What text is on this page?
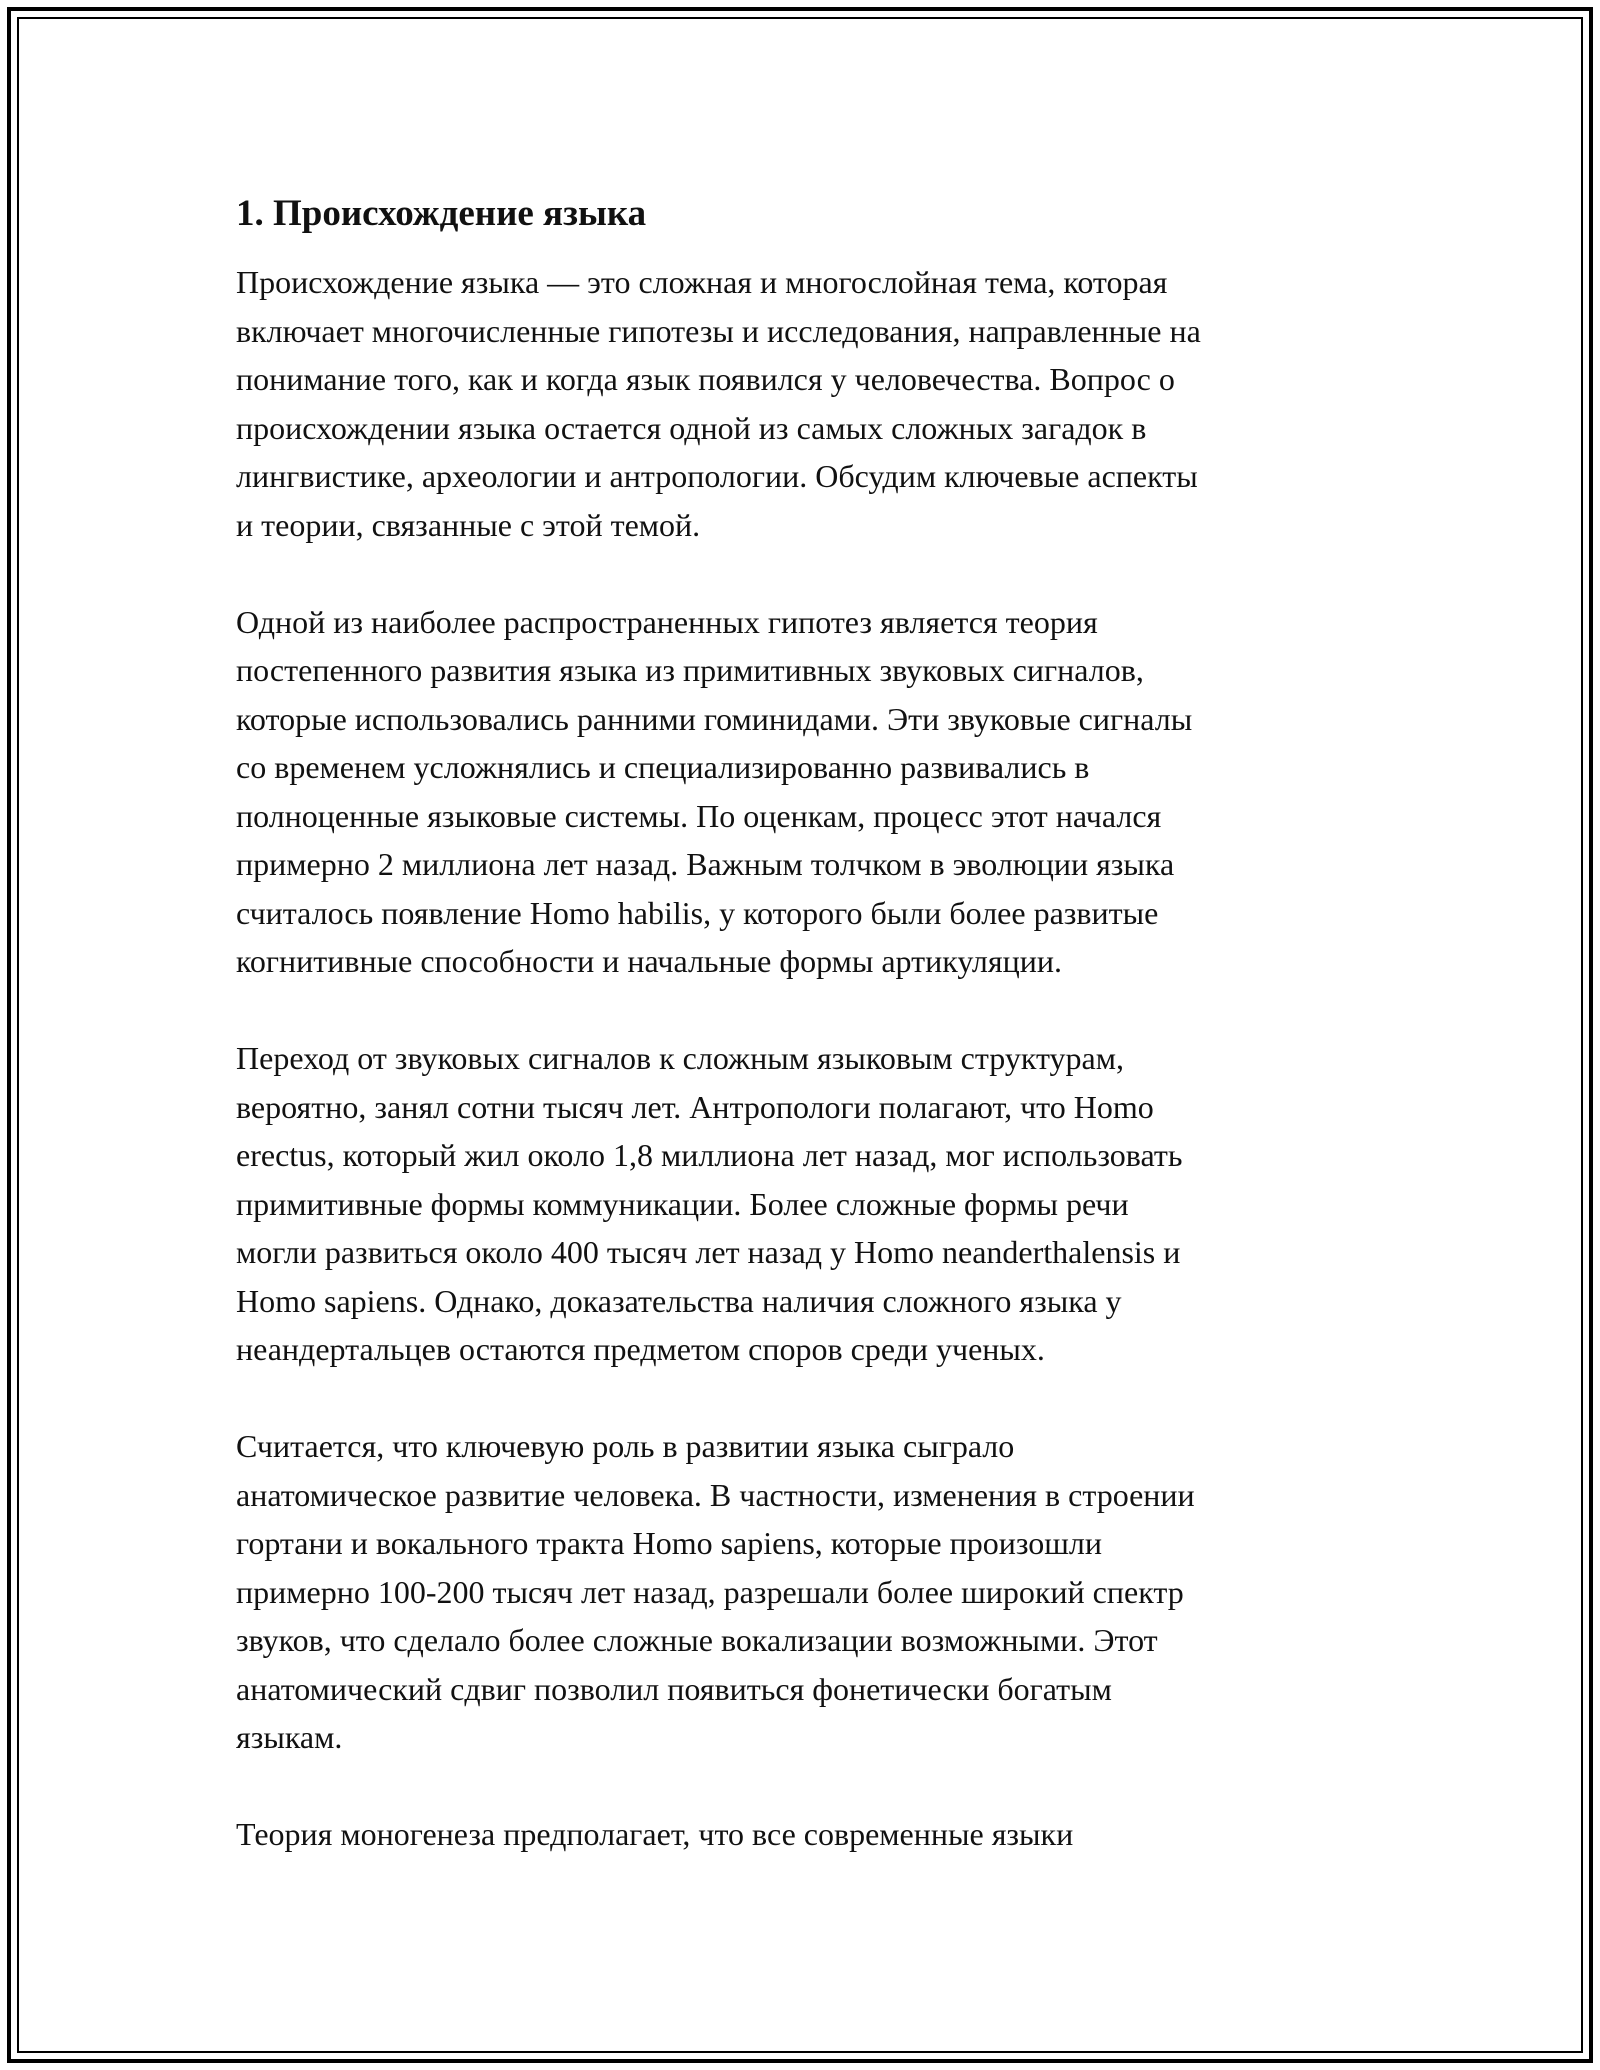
1. Происхождение языка

Происхождение языка — это сложная и многослойная тема, которая
включает многочисленные гипотезы и исследования, направленные на
понимание того, как и когда язык появился у человечества. Вопрос о
происхождении языка остается одной из самых сложных загадок в
лингвистике, археологии и антропологии. Обсудим ключевые аспекты
и теории, связанные с этой темой.

Одной из наиболее распространенных гипотез является теория
постепенного развития языка из примитивных звуковых сигналов,
которые использовались ранними гоминидами. Эти звуковые сигналы
со временем усложнялись и специализированно развивались в
полноценные языковые системы. По оценкам, процесс этот начался
примерно 2 миллиона лет назад. Важным толчком в эволюции языка
считалось появление Homo habilis, у которого были более развитые
когнитивные способности и начальные формы артикуляции.

Переход от звуковых сигналов к сложным языковым структурам,
вероятно, занял сотни тысяч лет. Антропологи полагают, что Homo
erectus, который жил около 1,8 миллиона лет назад, мог использовать
примитивные формы коммуникации. Более сложные формы речи
могли развиться около 400 тысяч лет назад у Homo neanderthalensis и
Homo sapiens. Однако, доказательства наличия сложного языка у
неандертальцев остаются предметом споров среди ученых.

Считается, что ключевую роль в развитии языка сыграло
анатомическое развитие человека. В частности, изменения в строении
гортани и вокального тракта Homo sapiens, которые произошли
примерно 100-200 тысяч лет назад, разрешали более широкий спектр
звуков, что сделало более сложные вокализации возможными. Этот
анатомический сдвиг позволил появиться фонетически богатым
языкам.

Теория моногенеза предполагает, что все современные языки
